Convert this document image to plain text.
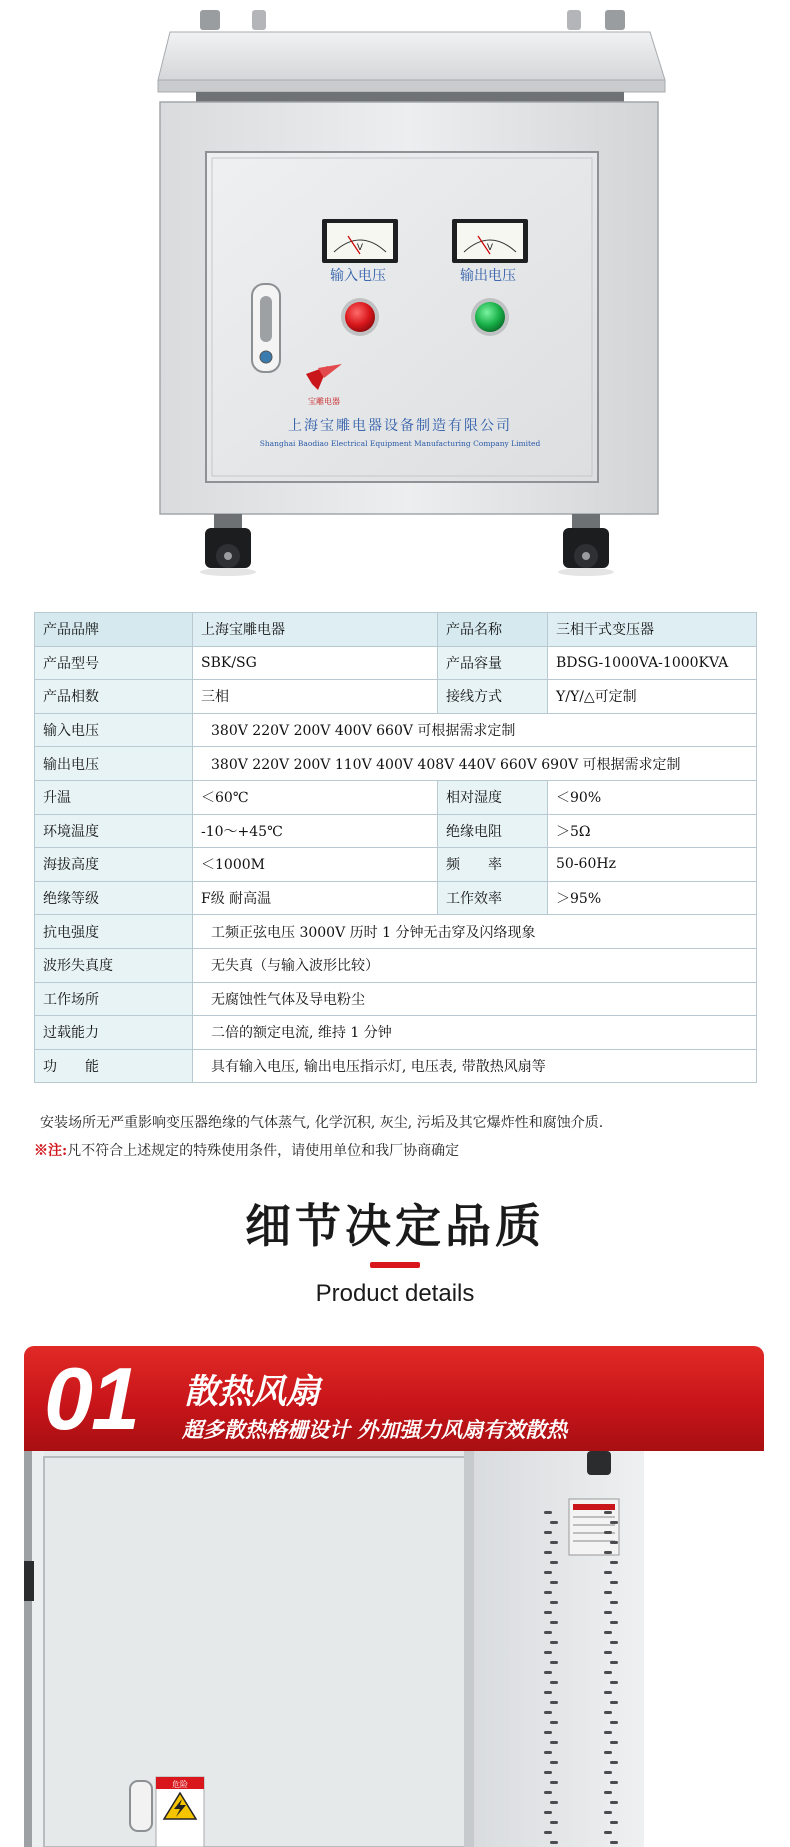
V	V
输入电压	输出电压
宝雕电器
上海宝雕电器设备制造有限公司
Shanghai Baodiao Electrical Equipment Manufacturing Company Limited
产品品牌	上海宝雕电器	产品名称	三相干式变压器
产品型号	SBK/SG	产品容量	BDSG-1000VA-1000KVA
产品相数	三相	接线方式	Y/Y/△可定制
输入电压	380V 220V 200V 400V 660V 可根据需求定制		
输出电压	380V 220V 200V 110V 400V 408V 440V 660V 690V 可根据需求定制		
升温	＜60℃	相对湿度	＜90%
环境温度	-10～+45℃	绝缘电阻	＞5Ω
海拔高度	＜1000M	频　　率	50-60Hz
绝缘等级	F级 耐高温	工作效率	＞95%
抗电强度	工频正弦电压 3000V 历时 1 分钟无击穿及闪络现象		
波形失真度	无失真（与输入波形比较）		
工作场所	无腐蚀性气体及导电粉尘		
过载能力	二倍的额定电流, 维持 1 分钟		
功　　能	具有输入电压, 输出电压指示灯, 电压表, 带散热风扇等		
安装场所无严重影响变压器绝缘的气体蒸气, 化学沉积, 灰尘, 污垢及其它爆炸性和腐蚀介质.
※注:凡不符合上述规定的特殊使用条件，请使用单位和我厂协商确定
细节决定品质
Product details
01 散热风扇
超多散热格栅设计 外加强力风扇有效散热
危险
